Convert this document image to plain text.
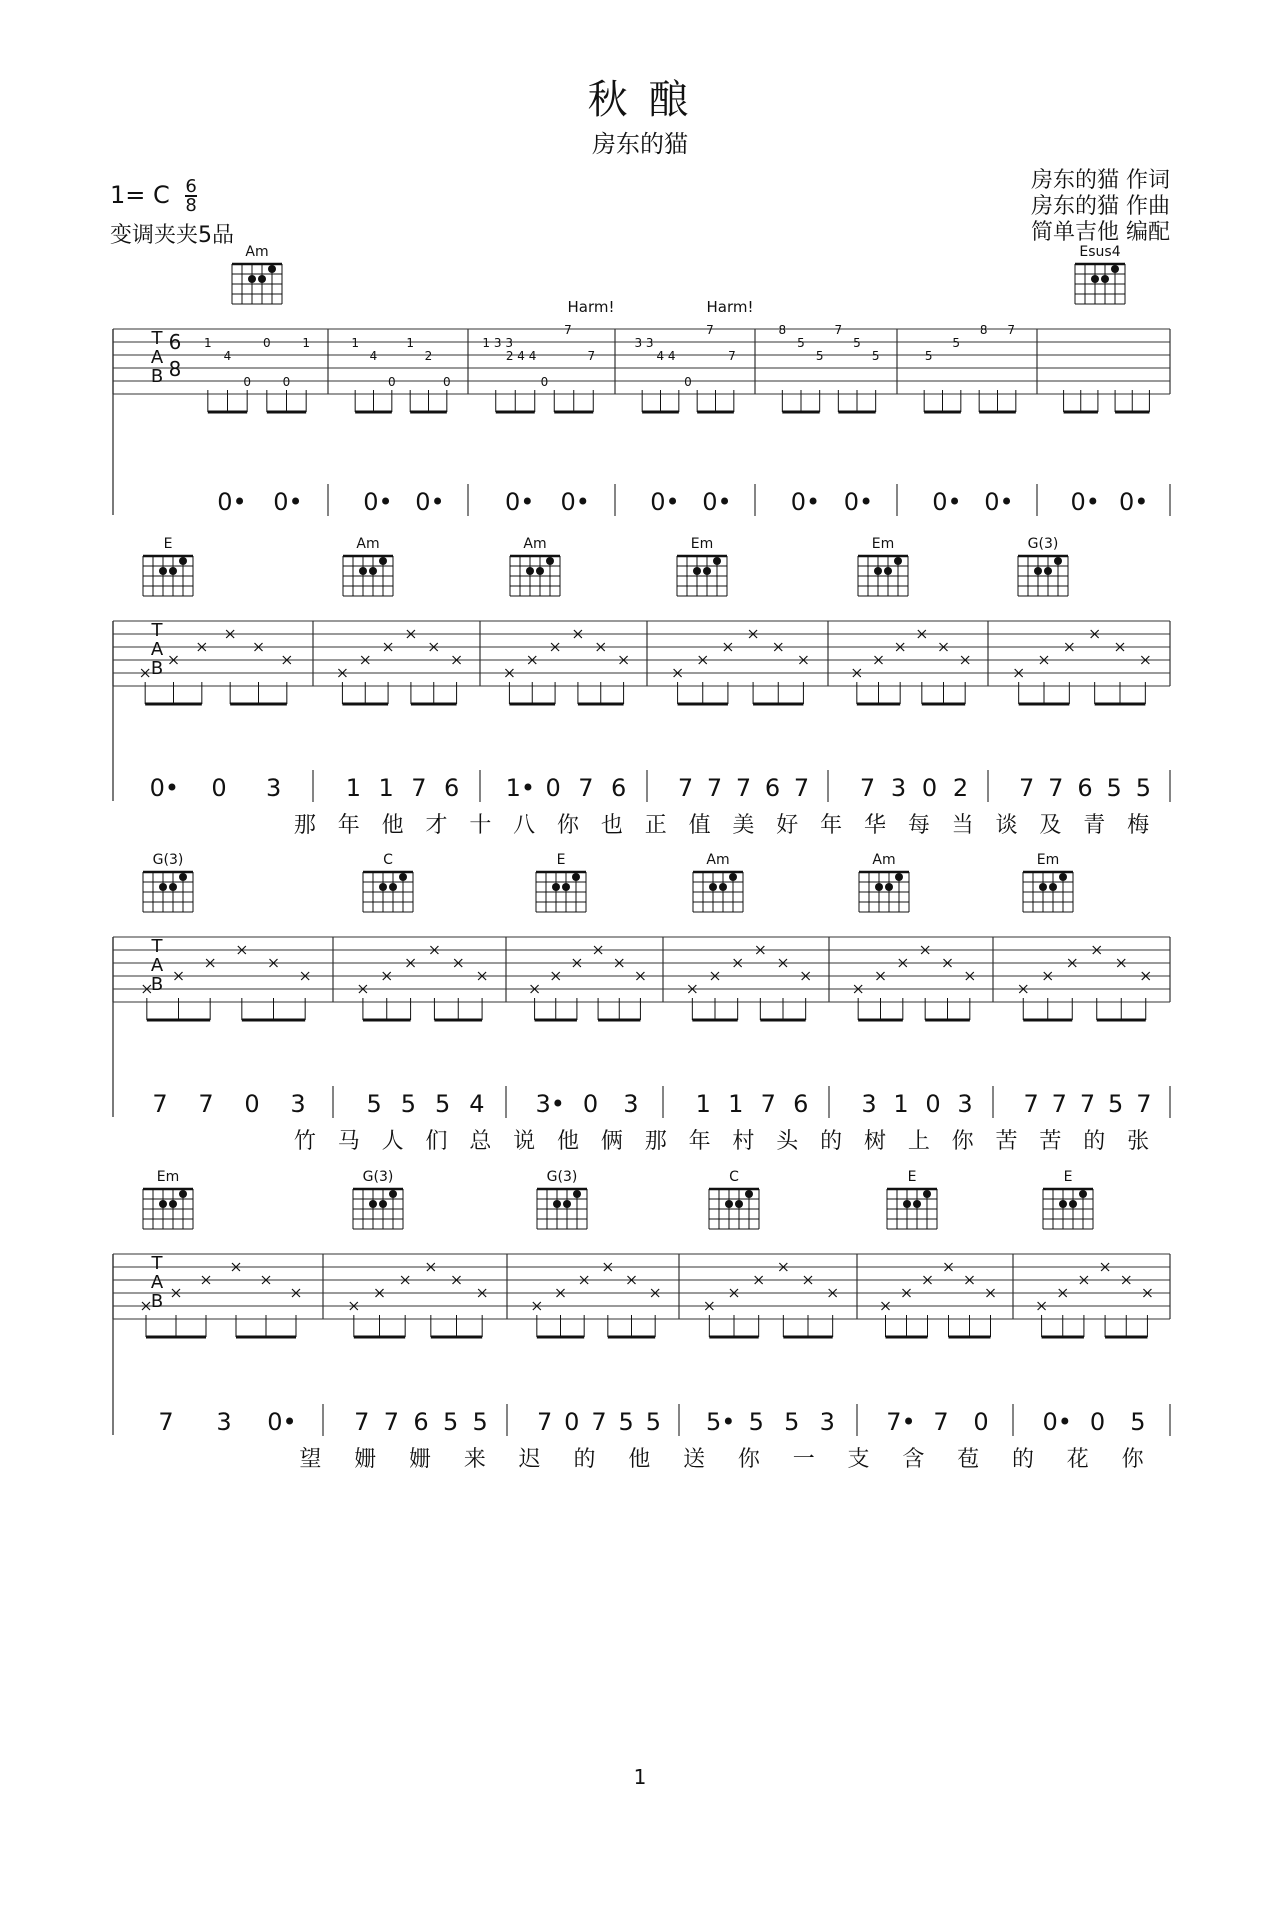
秋 酿
房东的猫
1= C $\frac{6}{8}$
变调夹夹5品
房东的猫 作词
房东的猫 作曲
简单吉他 编配
T
A
B
6
8
Harm!	Harm!
Am	Esus4
1
4
0
0
0
1	1
4
0
1
2
0
1 3 3
2 4 4
0
7
7
3 3
4 4
0
7
7
8
5
5
7
5
5	5
5
8 7
0• 0•	0• 0•	0• 0•	0• 0• 0• 0• 0• 0• 0• 0•
T
A
B
E	Am	Am	Em	Em	G(3)
0• 0 3	1 1 7 6 1• 0 7 6 7 7 7 6 7 7 3 0 2 7 7 6 5 5
那 年 他 才 十 八 你 也 正 值 美 好 年 华 每 当 谈 及 青 梅
T
A
B
G(3)	C	E	Am	Am	Em
7 7 0 3	5 5 5 4 3• 0 3 1 1 7 6 3 1 0 3 7 7 7 5 7
竹 马 人 们 总 说 他 俩 那 年 村 头 的 树 上 你 苦 苦 的 张
T
A
B
Em	G(3)	G(3)	C	E	E
7 3 0• 7 7 6 5 5 7 0 7 5 5 5• 5 5 3 7• 7 0 0• 0 5
望 姗 姗 来 迟 的 他 送 你 一 支 含 苞 的 花 你
1
